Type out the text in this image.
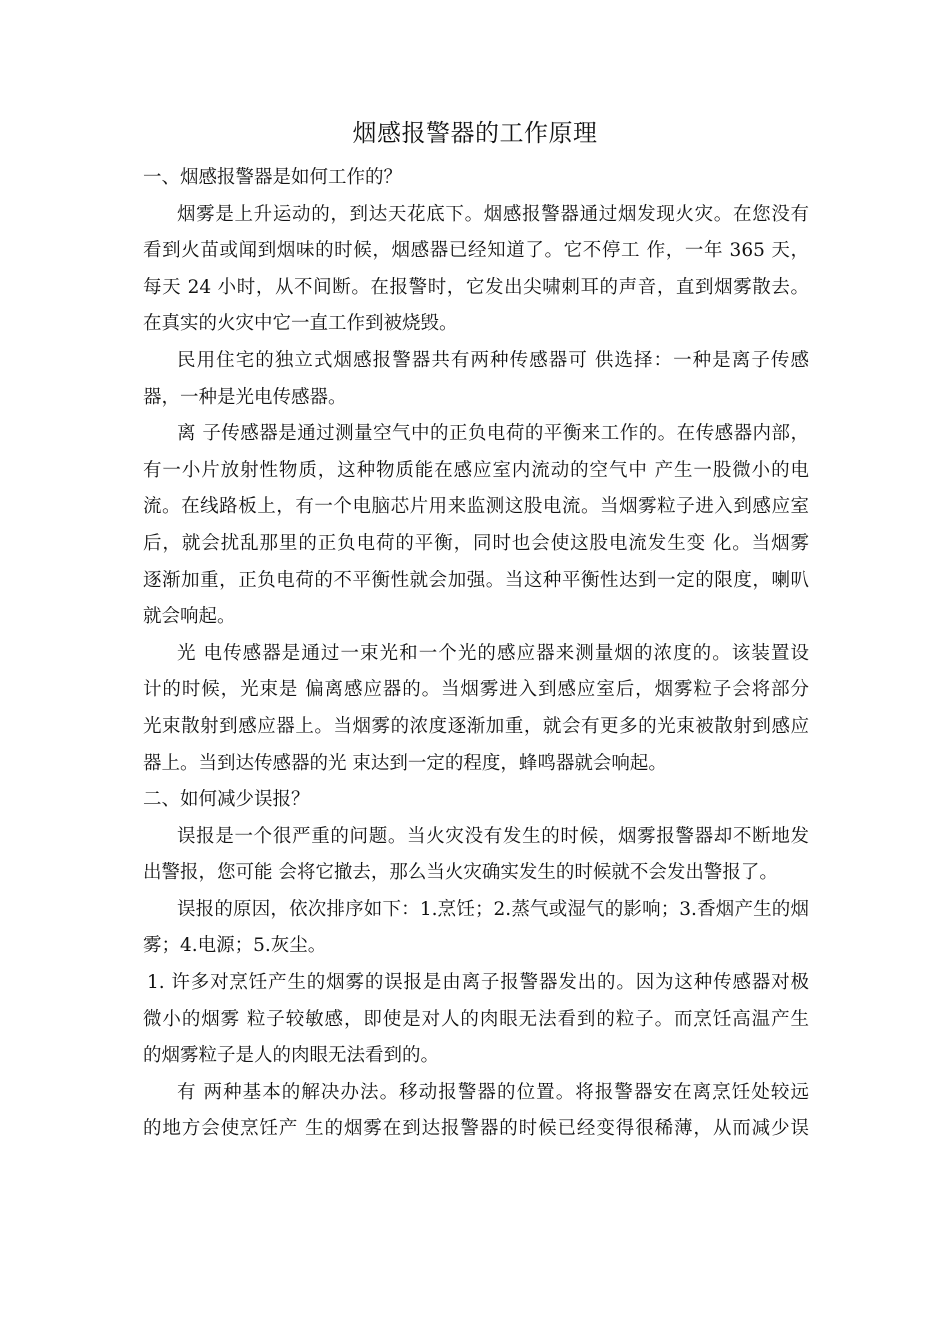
烟感报警器的工作原理
一、烟感报警器是如何工作的？
烟雾是上升运动的，到达天花底下。烟感报警器通过烟发现火灾。在您没有
看到火苗或闻到烟味的时候，烟感器已经知道了。它不停工 作，一年 365 天，
每天 24 小时，从不间断。在报警时，它发出尖啸刺耳的声音，直到烟雾散去。
在真实的火灾中它一直工作到被烧毁。
民用住宅的独立式烟感报警器共有两种传感器可 供选择：一种是离子传感
器，一种是光电传感器。
离 子传感器是通过测量空气中的正负电荷的平衡来工作的。在传感器内部，
有一小片放射性物质，这种物质能在感应室内流动的空气中 产生一股微小的电
流。在线路板上，有一个电脑芯片用来监测这股电流。当烟雾粒子进入到感应室
后，就会扰乱那里的正负电荷的平衡，同时也会使这股电流发生变 化。当烟雾
逐渐加重，正负电荷的不平衡性就会加强。当这种平衡性达到一定的限度，喇叭
就会响起。
光 电传感器是通过一束光和一个光的感应器来测量烟的浓度的。该装置设
计的时候，光束是 偏离感应器的。当烟雾进入到感应室后，烟雾粒子会将部分
光束散射到感应器上。当烟雾的浓度逐渐加重，就会有更多的光束被散射到感应
器上。当到达传感器的光 束达到一定的程度，蜂鸣器就会响起。
二、如何减少误报？
误报是一个很严重的问题。当火灾没有发生的时候，烟雾报警器却不断地发
出警报，您可能 会将它撤去，那么当火灾确实发生的时候就不会发出警报了。
误报的原因，依次排序如下：1.烹饪；2.蒸气或湿气的影响；3.香烟产生的烟
雾；4.电源；5.灰尘。
1. 许多对烹饪产生的烟雾的误报是由离子报警器发出的。因为这种传感器对极
微小的烟雾 粒子较敏感，即使是对人的肉眼无法看到的粒子。而烹饪高温产生
的烟雾粒子是人的肉眼无法看到的。
有 两种基本的解决办法。移动报警器的位置。将报警器安在离烹饪处较远
的地方会使烹饪产 生的烟雾在到达报警器的时候已经变得很稀薄，从而减少误
